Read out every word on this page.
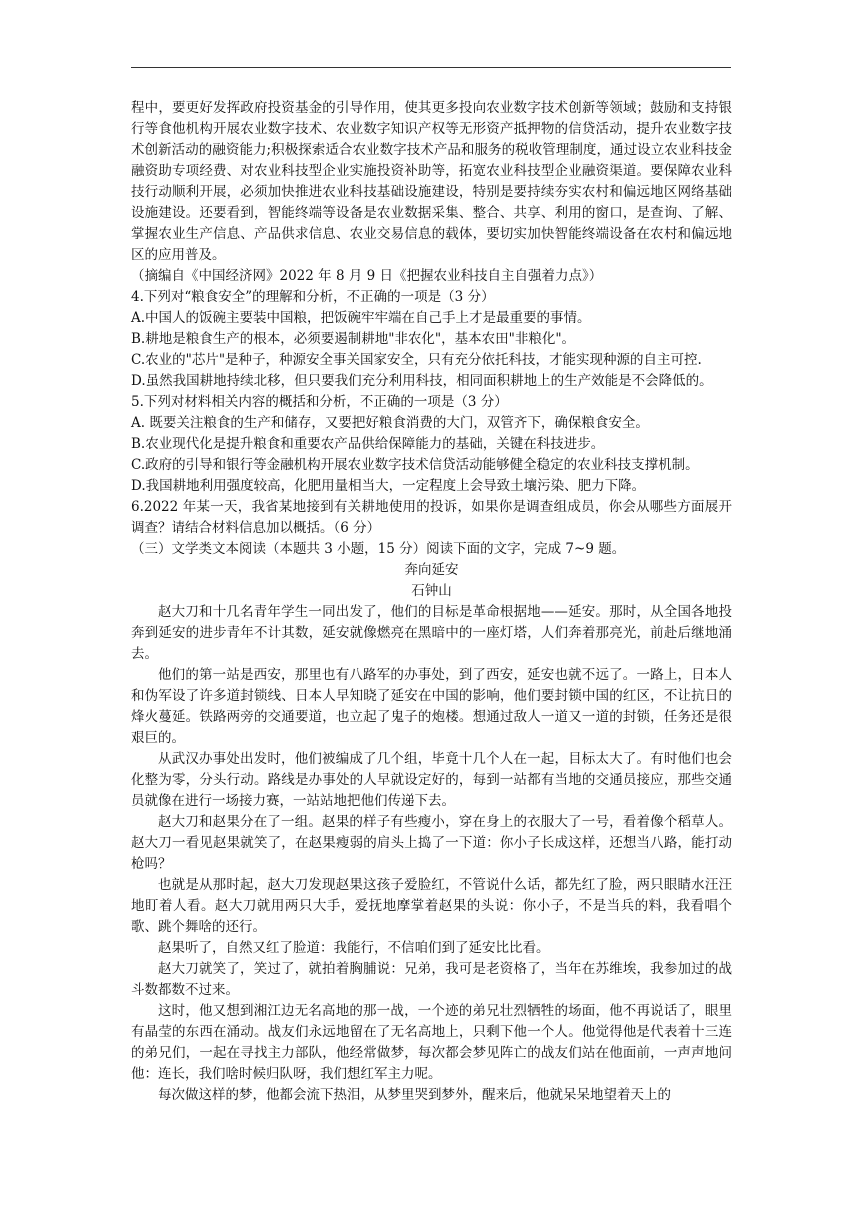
程中，要更好发挥政府投资基金的引导作用，使其更多投向农业数字技术创新等领域；鼓励和支持银行等食他机构开展农业数字技术、农业数字知识产权等无形资产抵押物的信贷活动，提升农业数字技术创新活动的融资能力;积极探索适合农业数字技术产品和服务的税收管理制度，通过设立农业科技金融资助专项经费、对农业科技型企业实施投资补助等，拓宽农业科技型企业融资渠道。要保障农业科技行动顺利开展，必须加快推进农业科技基础设施建设，特别是要持续夯实农村和偏远地区网络基础设施建设。还要看到，智能终端等设备是农业数据采集、整合、共享、利用的窗口，是查询、了解、掌握农业生产信息、产品供求信息、农业交易信息的载体，要切实加快智能终端设备在农村和偏远地区的应用普及。

（摘编自《中国经济网》2022 年 8 月 9 日《把握农业科技自主自强着力点》）

4.下列对“粮食安全”的理解和分析，不正确的一项是（3 分）

A.中国人的饭碗主要装中国粮，把饭碗牢牢端在自己手上才是最重要的事情。

B.耕地是粮食生产的根本，必须要遏制耕地"非农化"，基本农田"非粮化"。

C.农业的"芯片"是种子，种源安全事关国家安全，只有充分依托科技，才能实现种源的自主可控.

D.虽然我国耕地持续北移，但只要我们充分利用科技，相同面积耕地上的生产效能是不会降低的。

5.下列对材料相关内容的概括和分析，不正确的一项是（3 分）

A. 既要关注粮食的生产和储存，又要把好粮食消费的大门，双管齐下，确保粮食安全。

B.农业现代化是提升粮食和重要农产品供给保障能力的基础，关键在科技进步。

C.政府的引导和银行等金融机构开展农业数字技术信贷活动能够健全稳定的农业科技支撑机制。

D.我国耕地利用强度较高，化肥用量相当大，一定程度上会导致土壤污染、肥力下降。

6.2022 年某一天，我省某地接到有关耕地使用的投诉，如果你是调查组成员，你会从哪些方面展开调查？请结合材料信息加以概括。（6 分）

（三）文学类文本阅读（本题共 3 小题，15 分）阅读下面的文字，完成 7~9 题。

奔向延安

石钟山

赵大刀和十几名青年学生一同出发了，他们的目标是革命根据地——延安。那时，从全国各地投奔到延安的进步青年不计其数，延安就像燃亮在黑暗中的一座灯塔，人们奔着那亮光，前赴后继地涌去。

他们的第一站是西安，那里也有八路军的办事处，到了西安，延安也就不远了。一路上，日本人和伪军设了许多道封锁线、日本人早知晓了延安在中国的影响，他们要封锁中国的红区，不让抗日的烽火蔓延。铁路两旁的交通要道，也立起了鬼子的炮楼。想通过敌人一道又一道的封锁，任务还是很艰巨的。

从武汉办事处出发时，他们被编成了几个组，毕竟十几个人在一起，目标太大了。有时他们也会化整为零，分头行动。路线是办事处的人早就设定好的，每到一站都有当地的交通员接应，那些交通员就像在进行一场接力赛，一站站地把他们传递下去。

赵大刀和赵果分在了一组。赵果的样子有些瘦小，穿在身上的衣服大了一号，看着像个稻草人。赵大刀一看见赵果就笑了，在赵果瘦弱的肩头上捣了一下道：你小子长成这样，还想当八路，能打动枪吗？

也就是从那时起，赵大刀发现赵果这孩子爱脸红，不管说什么话，都先红了脸，两只眼睛水汪汪地盯着人看。赵大刀就用两只大手，爱抚地摩掌着赵果的头说：你小子，不是当兵的料，我看唱个歌、跳个舞啥的还行。

赵果听了，自然又红了脸道：我能行，不信咱们到了延安比比看。

赵大刀就笑了，笑过了，就拍着胸脯说：兄弟，我可是老资格了，当年在苏维埃，我参加过的战斗数都数不过来。

这时，他又想到湘江边无名高地的那一战，一个迹的弟兄壮烈牺牲的场面，他不再说话了，眼里有晶莹的东西在涌动。战友们永远地留在了无名高地上，只剩下他一个人。他觉得他是代表着十三连的弟兄们，一起在寻找主力部队，他经常做梦，每次都会梦见阵亡的战友们站在他面前，一声声地问他：连长，我们啥时候归队呀，我们想红军主力呢。

每次做这样的梦，他都会流下热泪，从梦里哭到梦外，醒来后，他就呆呆地望着天上的
